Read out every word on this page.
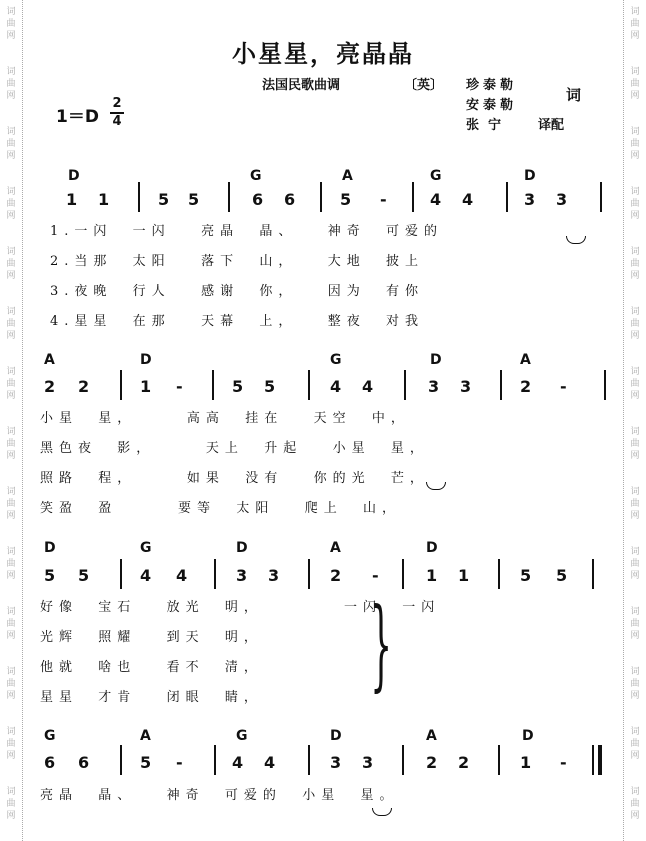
小星星，亮晶晶
法国民歌曲调	〔英〕 珍泰勒
安泰勒
词
张  宁	译配
1＝D
2
4
D	G	A	G	D
1 1	5 5	6 6	5 -	4 4	3 3
1.一闪  一闪   亮晶  晶、   神奇  可爱的
2.当那  太阳   落下  山，   大地  披上
3.夜晚  行人   感谢  你，   因为  有你
4.星星  在那   天幕  上，   整夜  对我
A	D	G	D	A
2 2	1 -	5 5	4 4	3 3	2 -
小星  星，     高高  挂在   天空  中，
黑色夜  影，     天上  升起   小星  星，
照路  程，     如果  没有   你的光  芒，
笑盈  盈      要等  太阳   爬上  山，
D	G	D	A	D
5 5	4 4	3 3	2 -	1 1	5 5
好像  宝石   放光  明，        一闪  一闪
光辉  照耀   到天  明，
他就  啥也   看不  清，
星星  才肯   闭眼  睛，
G	A	G	D	A	D
6 6	5 -	4 4	3 3	2 2	1 -
亮晶  晶、   神奇  可爱的  小星  星。
词
曲
网
词
曲
网
词
曲
网
词
曲
网
词
曲
网
词
曲
网
词
曲
网
词
曲
网
词
曲
网
词
曲
网
词
曲
网
词
曲
网
词
曲
网
词
曲
网
词
曲
网
词
曲
网
词
曲
网
词
曲
网
词
曲
网
词
曲
网
词
曲
网
词
曲
网
词
曲
网
词
曲
网
词
曲
网
词
曲
网
词
曲
网
词
曲
网
}
